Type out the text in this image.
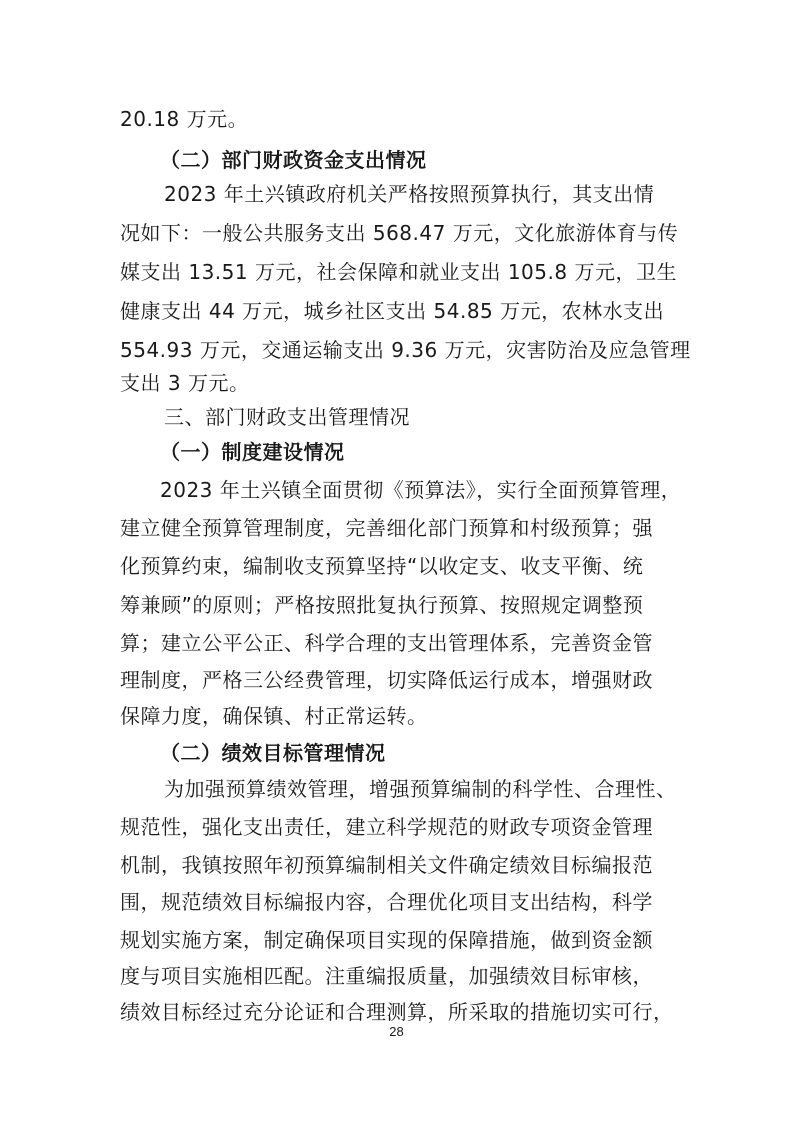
20.18 万元。
（二）部门财政资金支出情况
2023 年土兴镇政府机关严格按照预算执行，其支出情
况如下：一般公共服务支出 568.47 万元，文化旅游体育与传
媒支出 13.51 万元，社会保障和就业支出 105.8 万元，卫生
健康支出 44 万元，城乡社区支出 54.85 万元，农林水支出
554.93 万元，交通运输支出 9.36 万元，灾害防治及应急管理
支出 3 万元。
三、部门财政支出管理情况
（一）制度建设情况
2023 年土兴镇全面贯彻《预算法》，实行全面预算管理，
建立健全预算管理制度，完善细化部门预算和村级预算；强
化预算约束，编制收支预算坚持“以收定支、收支平衡、统
筹兼顾”的原则；严格按照批复执行预算、按照规定调整预
算；建立公平公正、科学合理的支出管理体系，完善资金管
理制度，严格三公经费管理，切实降低运行成本，增强财政
保障力度，确保镇、村正常运转。
（二）绩效目标管理情况
为加强预算绩效管理，增强预算编制的科学性、合理性、
规范性，强化支出责任，建立科学规范的财政专项资金管理
机制，我镇按照年初预算编制相关文件确定绩效目标编报范
围，规范绩效目标编报内容，合理优化项目支出结构，科学
规划实施方案，制定确保项目实现的保障措施，做到资金额
度与项目实施相匹配。注重编报质量，加强绩效目标审核，
绩效目标经过充分论证和合理测算，所采取的措施切实可行，
28
